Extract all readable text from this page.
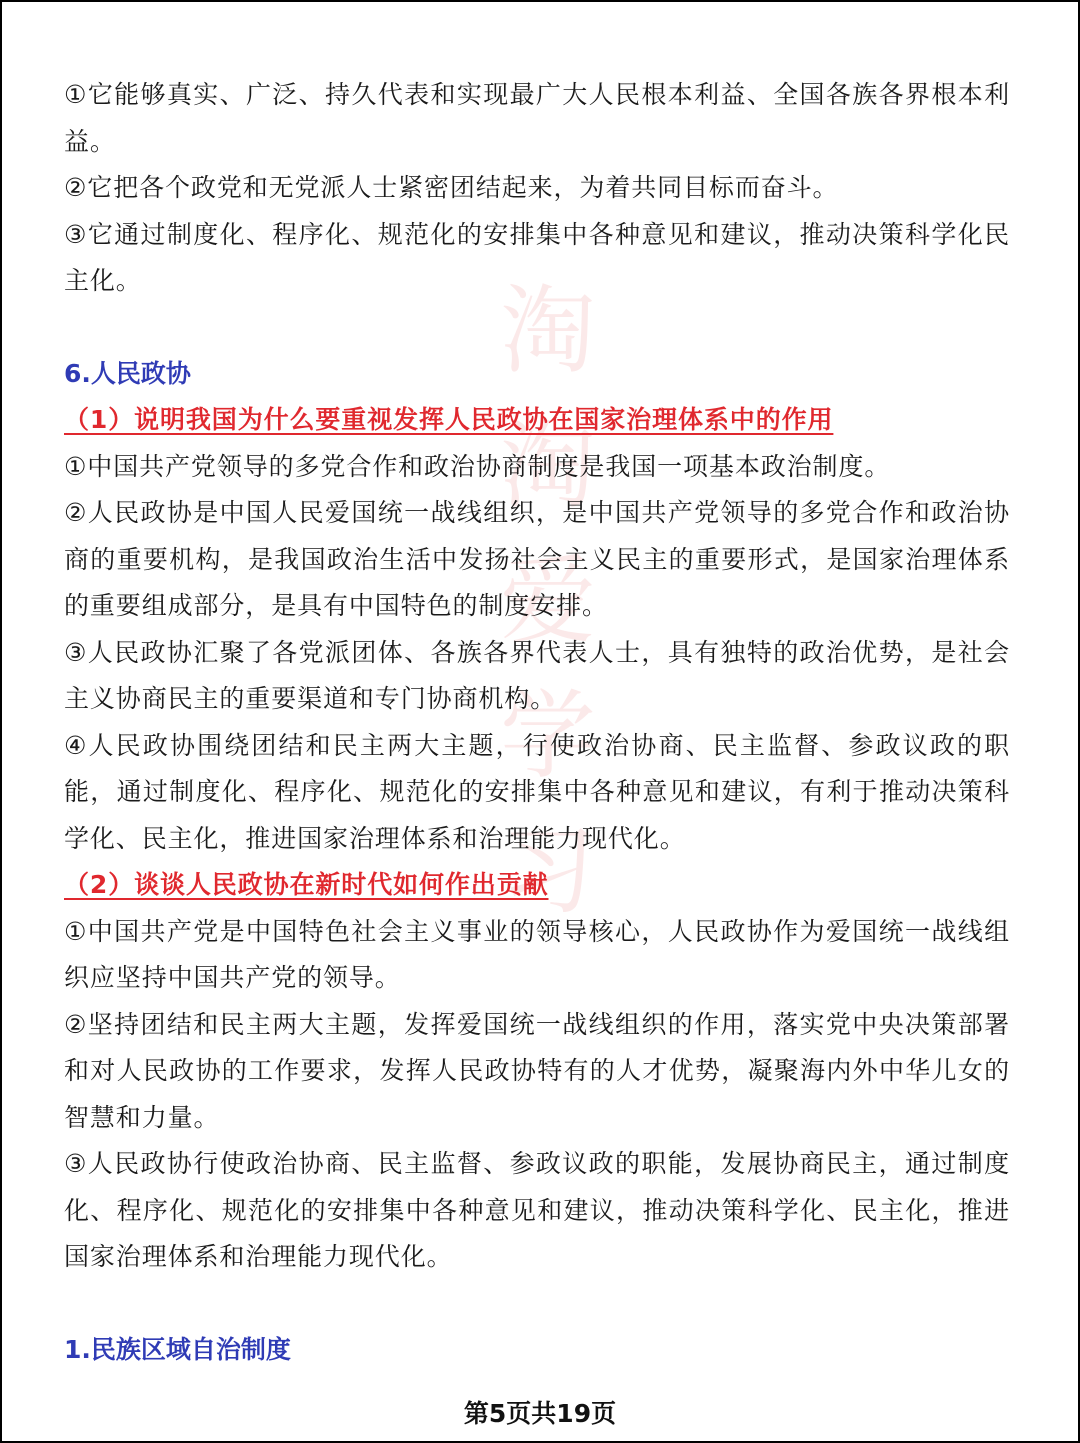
淘
淘
爱
学
习

①它能够真实、广泛、持久代表和实现最广大人民根本利益、全国各族各界根本利益。

②它把各个政党和无党派人士紧密团结起来，为着共同目标而奋斗。

③它通过制度化、程序化、规范化的安排集中各种意见和建议，推动决策科学化民主化。

6.人民政协
（1）说明我国为什么要重视发挥人民政协在国家治理体系中的作用

①中国共产党领导的多党合作和政治协商制度是我国一项基本政治制度。

②人民政协是中国人民爱国统一战线组织，是中国共产党领导的多党合作和政治协商的重要机构，是我国政治生活中发扬社会主义民主的重要形式，是国家治理体系的重要组成部分，是具有中国特色的制度安排。

③人民政协汇聚了各党派团体、各族各界代表人士，具有独特的政治优势，是社会主义协商民主的重要渠道和专门协商机构。

④人民政协围绕团结和民主两大主题，行使政治协商、民主监督、参政议政的职能，通过制度化、程序化、规范化的安排集中各种意见和建议，有利于推动决策科学化、民主化，推进国家治理体系和治理能力现代化。

（2）谈谈人民政协在新时代如何作出贡献

①中国共产党是中国特色社会主义事业的领导核心，人民政协作为爱国统一战线组织应坚持中国共产党的领导。

②坚持团结和民主两大主题，发挥爱国统一战线组织的作用，落实党中央决策部署和对人民政协的工作要求，发挥人民政协特有的人才优势，凝聚海内外中华儿女的智慧和力量。

③人民政协行使政治协商、民主监督、参政议政的职能，发展协商民主，通过制度化、程序化、规范化的安排集中各种意见和建议，推动决策科学化、民主化，推进国家治理体系和治理能力现代化。

1.民族区域自治制度
第5页共19页
